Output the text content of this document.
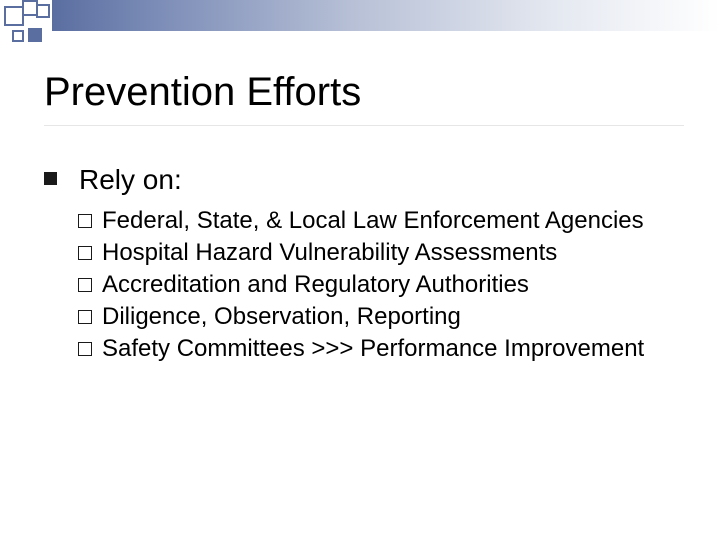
Prevention Efforts
Rely on:
Federal, State, & Local Law Enforcement Agencies
Hospital Hazard Vulnerability Assessments
Accreditation and Regulatory Authorities
Diligence, Observation, Reporting
Safety Committees >>> Performance Improvement
